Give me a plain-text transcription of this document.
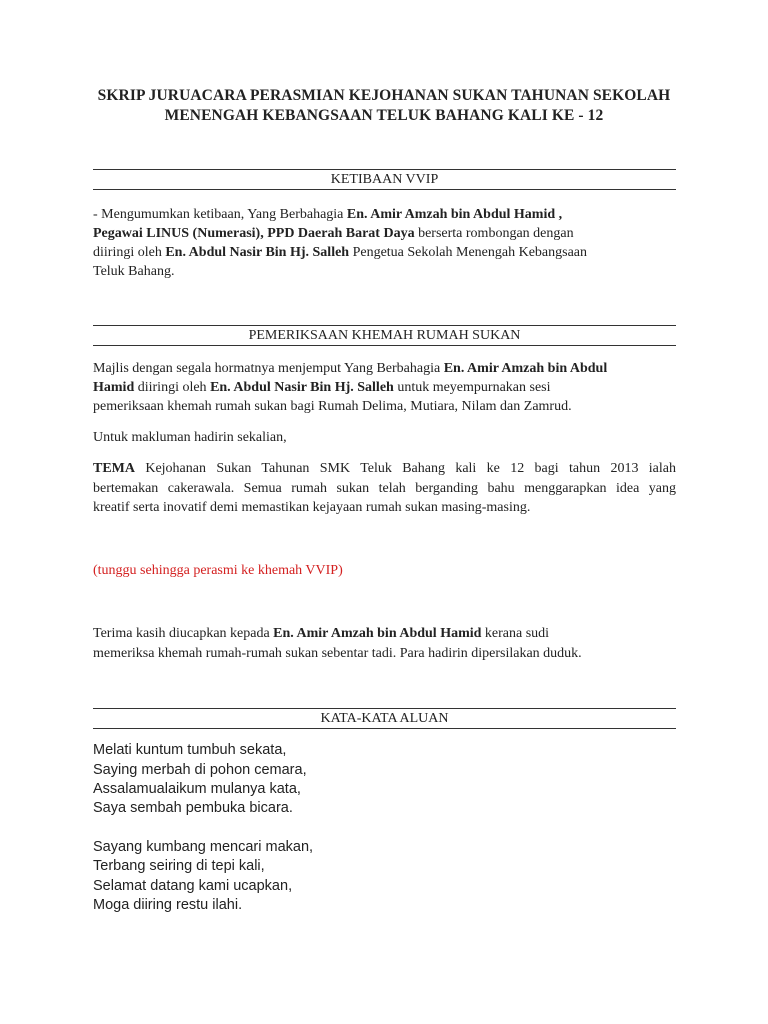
SKRIP JURUACARA PERASMIAN KEJOHANAN SUKAN TAHUNAN SEKOLAH
MENENGAH KEBANGSAAN TELUK BAHANG KALI KE - 12
KETIBAAN VVIP
- Mengumumkan ketibaan, Yang Berbahagia En. Amir Amzah bin Abdul Hamid ,
Pegawai LINUS (Numerasi), PPD Daerah Barat Daya berserta rombongan dengan
diiringi oleh En. Abdul Nasir Bin Hj. Salleh Pengetua Sekolah Menengah Kebangsaan
Teluk Bahang.
PEMERIKSAAN KHEMAH RUMAH SUKAN
Majlis dengan segala hormatnya menjemput Yang Berbahagia En. Amir Amzah bin Abdul
Hamid diiringi oleh En. Abdul Nasir Bin Hj. Salleh untuk meyempurnakan sesi
pemeriksaan khemah rumah sukan bagi Rumah Delima, Mutiara, Nilam dan Zamrud.
Untuk makluman hadirin sekalian,
TEMA Kejohanan Sukan Tahunan SMK Teluk Bahang kali ke 12 bagi tahun 2013 ialah
bertemakan cakerawala. Semua rumah sukan telah berganding bahu menggarapkan idea yang
kreatif serta inovatif demi memastikan kejayaan rumah sukan masing-masing.
(tunggu sehingga perasmi ke khemah VVIP)
Terima kasih diucapkan kepada En. Amir Amzah bin Abdul Hamid kerana sudi
memeriksa khemah rumah-rumah sukan sebentar tadi. Para hadirin dipersilakan duduk.
KATA-KATA ALUAN
Melati kuntum tumbuh sekata,
Saying merbah di pohon cemara,
Assalamualaikum mulanya kata,
Saya sembah pembuka bicara.
Sayang kumbang mencari makan,
Terbang seiring di tepi kali,
Selamat datang kami ucapkan,
Moga diiring restu ilahi.
